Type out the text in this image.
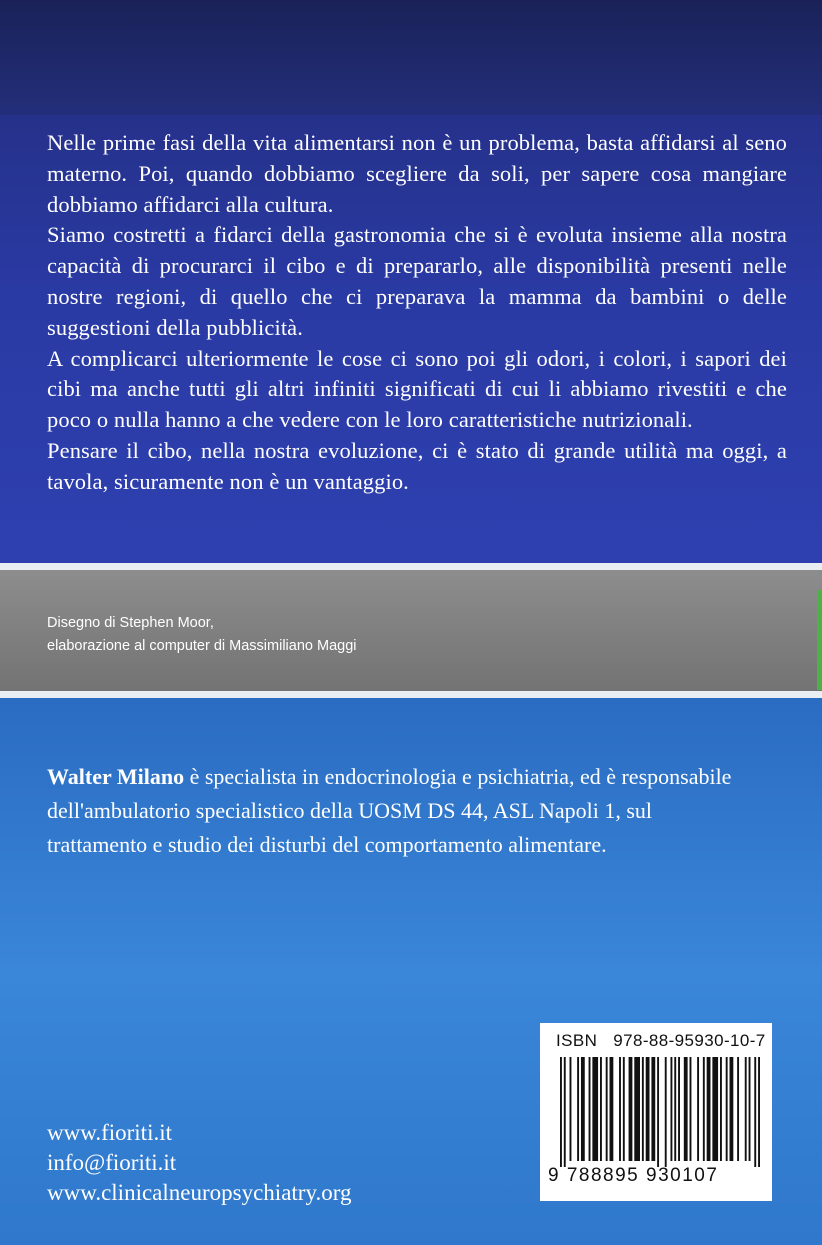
Nelle prime fasi della vita alimentarsi non è un problema, basta affidarsi al seno materno. Poi, quando dobbiamo scegliere da soli, per sapere cosa mangiare dobbiamo affidarci alla cultura.

Siamo costretti a fidarci della gastronomia che si è evoluta insieme alla nostra capacità di procurarci il cibo e di prepararlo, alle disponibilità presenti nelle nostre regioni, di quello che ci preparava la mamma da bambini o delle suggestioni della pubblicità.

A complicarci ulteriormente le cose ci sono poi gli odori, i colori, i sapori dei cibi ma anche tutti gli altri infiniti significati di cui li abbiamo rivestiti e che poco o nulla hanno a che vedere con le loro caratteristiche nutrizionali.

Pensare il cibo, nella nostra evoluzione, ci è stato di grande utilità ma oggi, a tavola, sicuramente non è un vantaggio.

Disegno di Stephen Moor,
elaborazione al computer di Massimiliano Maggi
Walter Milano è specialista in endocrinologia e psichiatria, ed è responsabile dell'ambulatorio specialistico della UOSM DS 44, ASL Napoli 1, sul trattamento e studio dei disturbi del comportamento alimentare.
www.fioriti.it
info@fioriti.it
www.clinicalneuropsychiatry.org
ISBN 978-88-95930-10-7
9 788895 930107
